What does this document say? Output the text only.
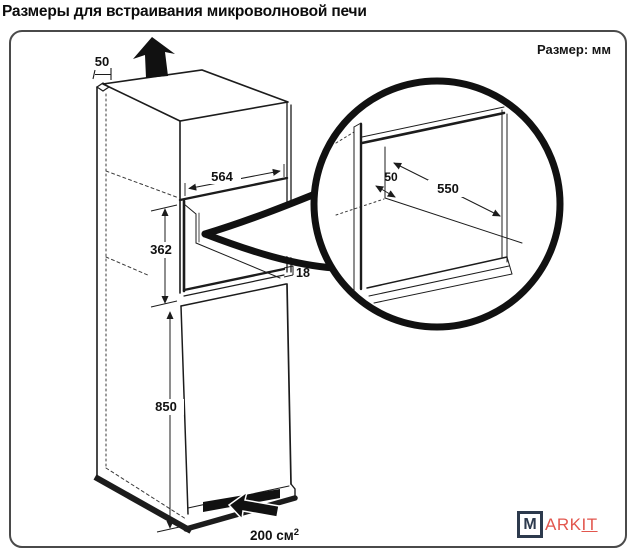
Размеры для встраивания микроволновой печи
Размер: мм
50
564
362
18
850
200 $см^2$
50
550
M ARKIT
